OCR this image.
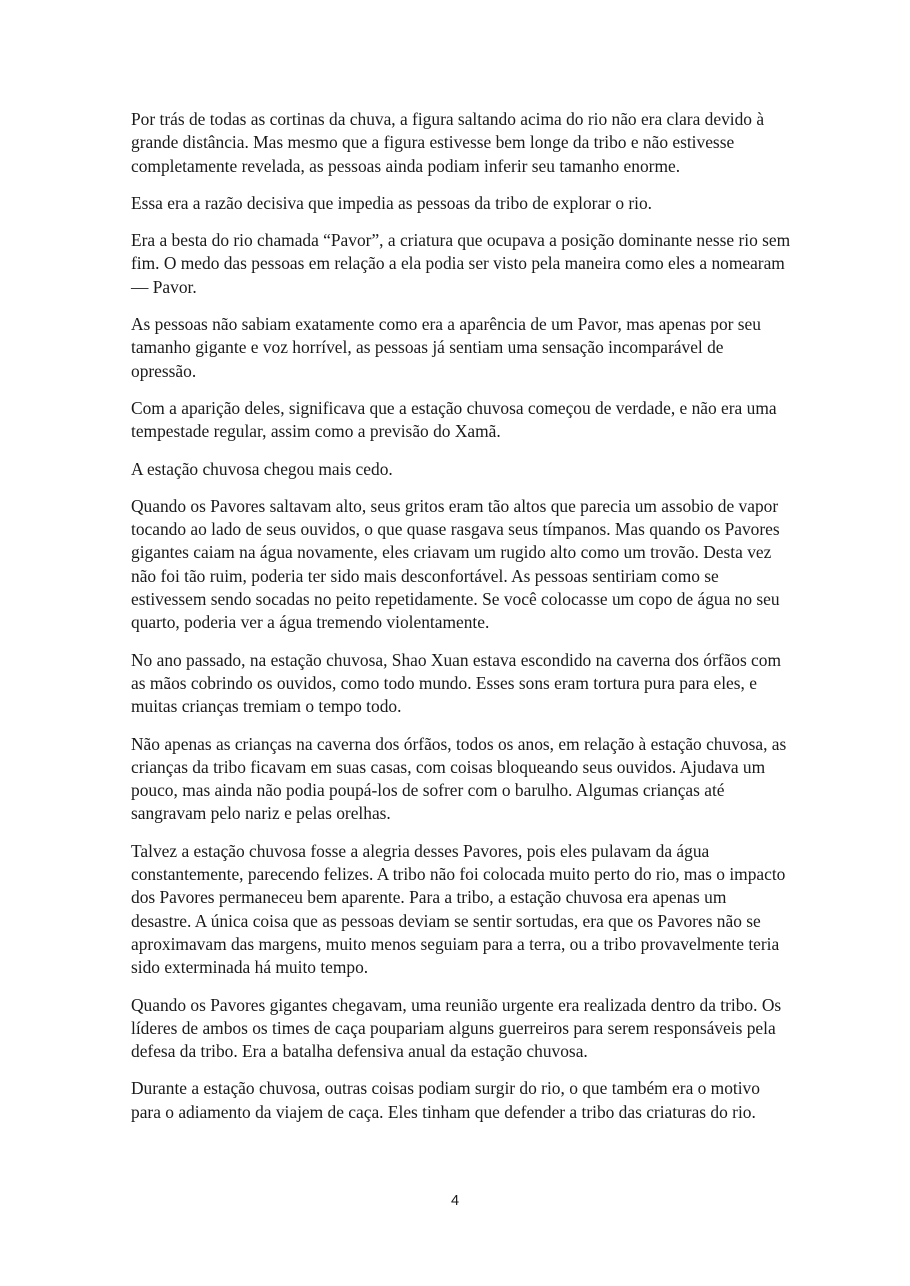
Por trás de todas as cortinas da chuva, a figura saltando acima do rio não era clara devido à grande distância. Mas mesmo que a figura estivesse bem longe da tribo e não estivesse completamente revelada, as pessoas ainda podiam inferir seu tamanho enorme.

Essa era a razão decisiva que impedia as pessoas da tribo de explorar o rio.

Era a besta do rio chamada “Pavor”, a criatura que ocupava a posição dominante nesse rio sem fim. O medo das pessoas em relação a ela podia ser visto pela maneira como eles a nomearam — Pavor.

As pessoas não sabiam exatamente como era a aparência de um Pavor, mas apenas por seu tamanho gigante e voz horrível, as pessoas já sentiam uma sensação incomparável de opressão.

Com a aparição deles, significava que a estação chuvosa começou de verdade, e não era uma tempestade regular, assim como a previsão do Xamã.

A estação chuvosa chegou mais cedo.

Quando os Pavores saltavam alto, seus gritos eram tão altos que parecia um assobio de vapor tocando ao lado de seus ouvidos, o que quase rasgava seus tímpanos. Mas quando os Pavores gigantes caiam na água novamente, eles criavam um rugido alto como um trovão. Desta vez não foi tão ruim, poderia ter sido mais desconfortável. As pessoas sentiriam como se estivessem sendo socadas no peito repetidamente. Se você colocasse um copo de água no seu quarto, poderia ver a água tremendo violentamente.

No ano passado, na estação chuvosa, Shao Xuan estava escondido na caverna dos órfãos com as mãos cobrindo os ouvidos, como todo mundo. Esses sons eram tortura pura para eles, e muitas crianças tremiam o tempo todo.

Não apenas as crianças na caverna dos órfãos, todos os anos, em relação à estação chuvosa, as crianças da tribo ficavam em suas casas, com coisas bloqueando seus ouvidos. Ajudava um pouco, mas ainda não podia poupá-los de sofrer com o barulho. Algumas crianças até sangravam pelo nariz e pelas orelhas.

Talvez a estação chuvosa fosse a alegria desses Pavores, pois eles pulavam da água constantemente, parecendo felizes. A tribo não foi colocada muito perto do rio, mas o impacto dos Pavores permaneceu bem aparente. Para a tribo, a estação chuvosa era apenas um desastre. A única coisa que as pessoas deviam se sentir sortudas, era que os Pavores não se aproximavam das margens, muito menos seguiam para a terra, ou a tribo provavelmente teria sido exterminada há muito tempo.

Quando os Pavores gigantes chegavam, uma reunião urgente era realizada dentro da tribo. Os líderes de ambos os times de caça poupariam alguns guerreiros para serem responsáveis pela defesa da tribo. Era a batalha defensiva anual da estação chuvosa.

Durante a estação chuvosa, outras coisas podiam surgir do rio, o que também era o motivo para o adiamento da viajem de caça. Eles tinham que defender a tribo das criaturas do rio.

4
